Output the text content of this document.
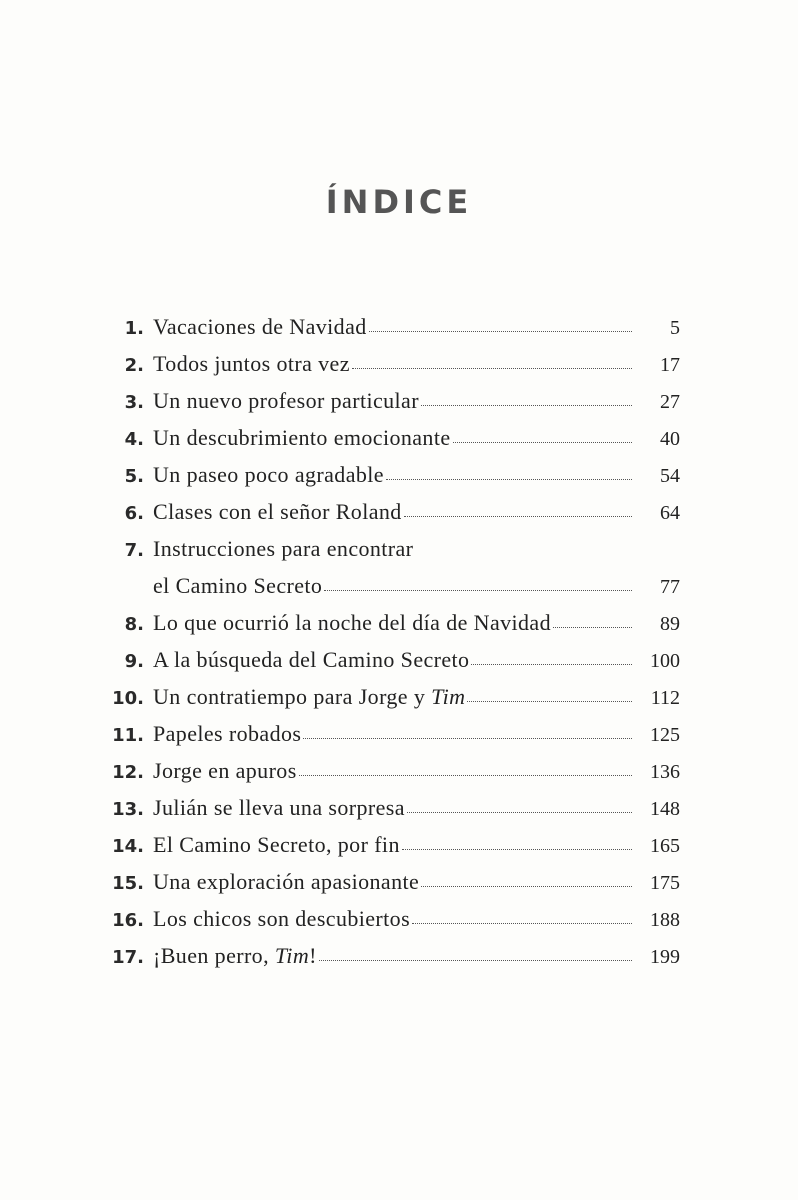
ÍNDICE
1. Vacaciones de Navidad	5
2. Todos juntos otra vez	17
3. Un nuevo profesor particular	27
4. Un descubrimiento emocionante	40
5. Un paseo poco agradable	54
6. Clases con el señor Roland	64
7. Instrucciones para encontrar
el Camino Secreto	77
8. Lo que ocurrió la noche del día de Navidad	89
9. A la búsqueda del Camino Secreto	100
10. Un contratiempo para Jorge y Tim	112
11. Papeles robados	125
12. Jorge en apuros	136
13. Julián se lleva una sorpresa	148
14. El Camino Secreto, por fin	165
15. Una exploración apasionante	175
16. Los chicos son descubiertos	188
17. ¡Buen perro, Tim!	199
